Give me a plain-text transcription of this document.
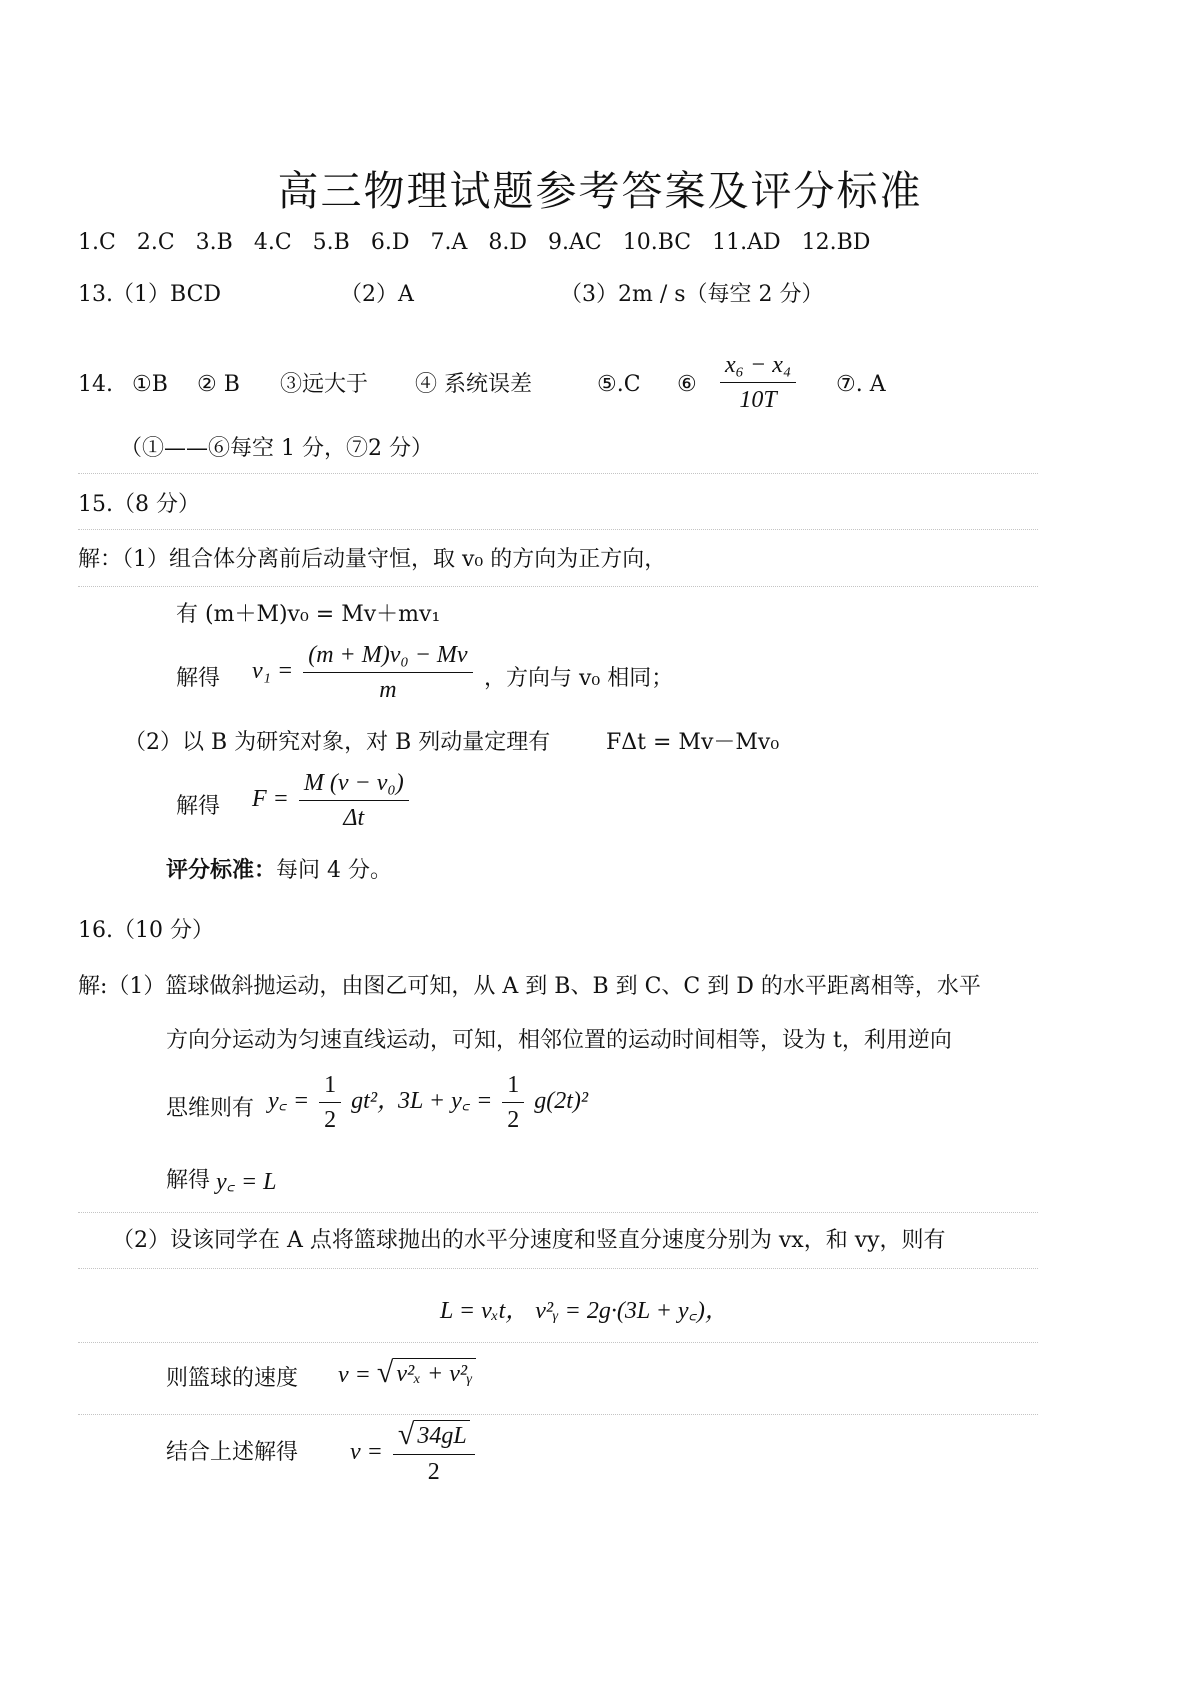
高三物理试题参考答案及评分标准
1.C 2.C 3.B 4.C 5.B 6.D 7.A 8.D 9.AC 10.BC 11.AD 12.BD
13. （1）BCD	（2）A	（3）2m / s（每空 2 分）
14. ①B ② B ③远大于 ④ 系统误差	⑤.C ⑥ $\frac{\text{x₆ − x₄}}{10T}$ ⑦. A
（①——⑥每空 1 分，⑦2 分）
15.（8 分）
解：（1）组合体分离前后动量守恒，取 v₀ 的方向为正方向，
有 (m＋M)v₀ = Mv＋mv₁
解得 $v_1 = \frac{\text{(m + M)v₀ − Mv}}{m}$ ，方向与 v₀ 相同；
（2）以 B 为研究对象，对 B 列动量定理有	FΔt = Mv－Mv₀
解得 $F = \frac{\text{M (v − v₀)}}{\Delta t}$
评分标准：每问 4 分。
16.（10 分）
解:（1）篮球做斜抛运动，由图乙可知，从 A 到 B、B 到 C、C 到 D 的水平距离相等，水平
方向分运动为匀速直线运动，可知，相邻位置的运动时间相等，设为 t，利用逆向
思维则有 y꜀ = $\frac{1}{2} gt^2$，
3L + y꜀ = $\frac{1}{2} g(2t)^2$
解得 y꜀ = L
（2）设该同学在 A 点将篮球抛出的水平分速度和竖直分速度分别为 vx，和 vy，则有
L = vₓt， v²ᵧ = 2g·(3L + y꜀)，
则篮球的速度 v = √ v²ₓ + v²ᵧ
结合上述解得 $v = \frac{√ 34gL}{2}$
